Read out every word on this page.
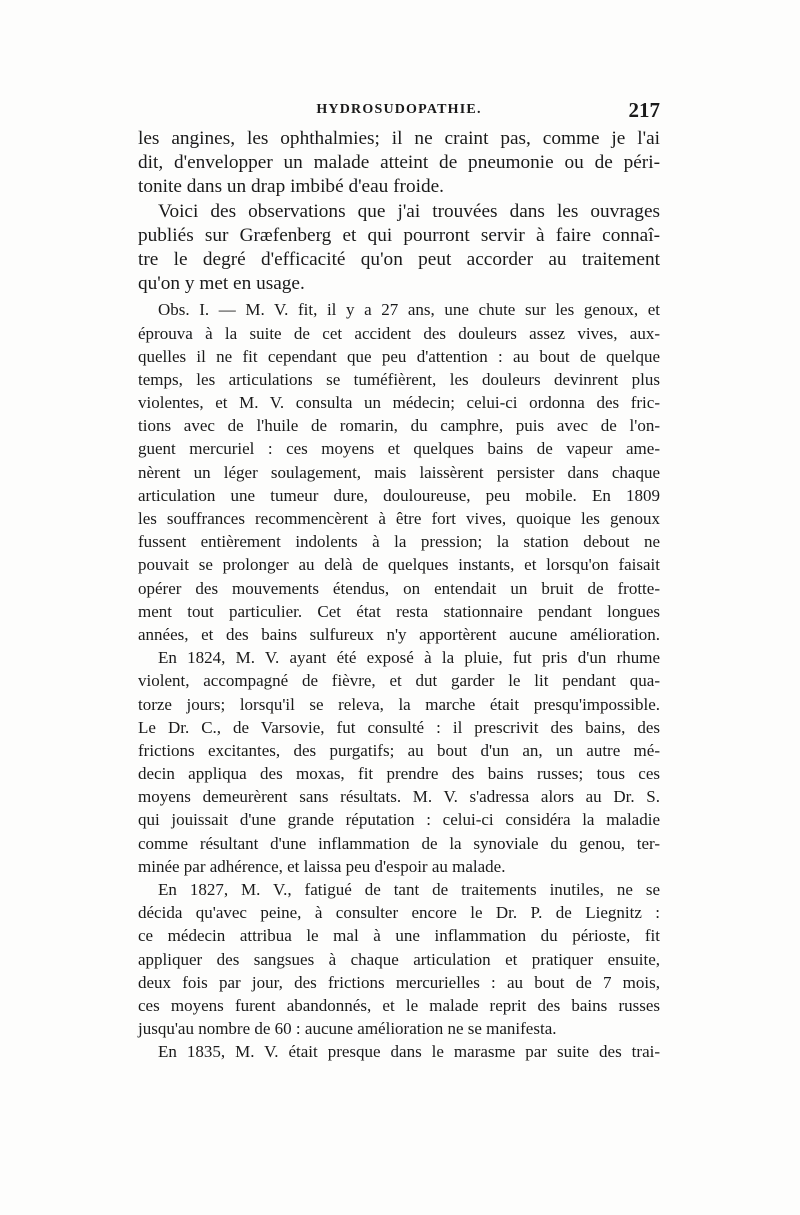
HYDROSUDOPATHIE.	217
les angines, les ophthalmies; il ne craint pas, comme je l'ai
dit, d'envelopper un malade atteint de pneumonie ou de péri-
tonite dans un drap imbibé d'eau froide.
Voici des observations que j'ai trouvées dans les ouvrages
publiés sur Græfenberg et qui pourront servir à faire connaî-
tre le degré d'efficacité qu'on peut accorder au traitement
qu'on y met en usage.
Obs. I. — M. V. fit, il y a 27 ans, une chute sur les genoux, et
éprouva à la suite de cet accident des douleurs assez vives, aux-
quelles il ne fit cependant que peu d'attention : au bout de quelque
temps, les articulations se tuméfièrent, les douleurs devinrent plus
violentes, et M. V. consulta un médecin; celui-ci ordonna des fric-
tions avec de l'huile de romarin, du camphre, puis avec de l'on-
guent mercuriel : ces moyens et quelques bains de vapeur ame-
nèrent un léger soulagement, mais laissèrent persister dans chaque
articulation une tumeur dure, douloureuse, peu mobile. En 1809
les souffrances recommencèrent à être fort vives, quoique les genoux
fussent entièrement indolents à la pression; la station debout ne
pouvait se prolonger au delà de quelques instants, et lorsqu'on faisait
opérer des mouvements étendus, on entendait un bruit de frotte-
ment tout particulier. Cet état resta stationnaire pendant longues
années, et des bains sulfureux n'y apportèrent aucune amélioration.
En 1824, M. V. ayant été exposé à la pluie, fut pris d'un rhume
violent, accompagné de fièvre, et dut garder le lit pendant qua-
torze jours; lorsqu'il se releva, la marche était presqu'impossible.
Le Dr. C., de Varsovie, fut consulté : il prescrivit des bains, des
frictions excitantes, des purgatifs; au bout d'un an, un autre mé-
decin appliqua des moxas, fit prendre des bains russes; tous ces
moyens demeurèrent sans résultats. M. V. s'adressa alors au Dr. S.
qui jouissait d'une grande réputation : celui-ci considéra la maladie
comme résultant d'une inflammation de la synoviale du genou, ter-
minée par adhérence, et laissa peu d'espoir au malade.
En 1827, M. V., fatigué de tant de traitements inutiles, ne se
décida qu'avec peine, à consulter encore le Dr. P. de Liegnitz :
ce médecin attribua le mal à une inflammation du périoste, fit
appliquer des sangsues à chaque articulation et pratiquer ensuite,
deux fois par jour, des frictions mercurielles : au bout de 7 mois,
ces moyens furent abandonnés, et le malade reprit des bains russes
jusqu'au nombre de 60 : aucune amélioration ne se manifesta.
En 1835, M. V. était presque dans le marasme par suite des trai-
